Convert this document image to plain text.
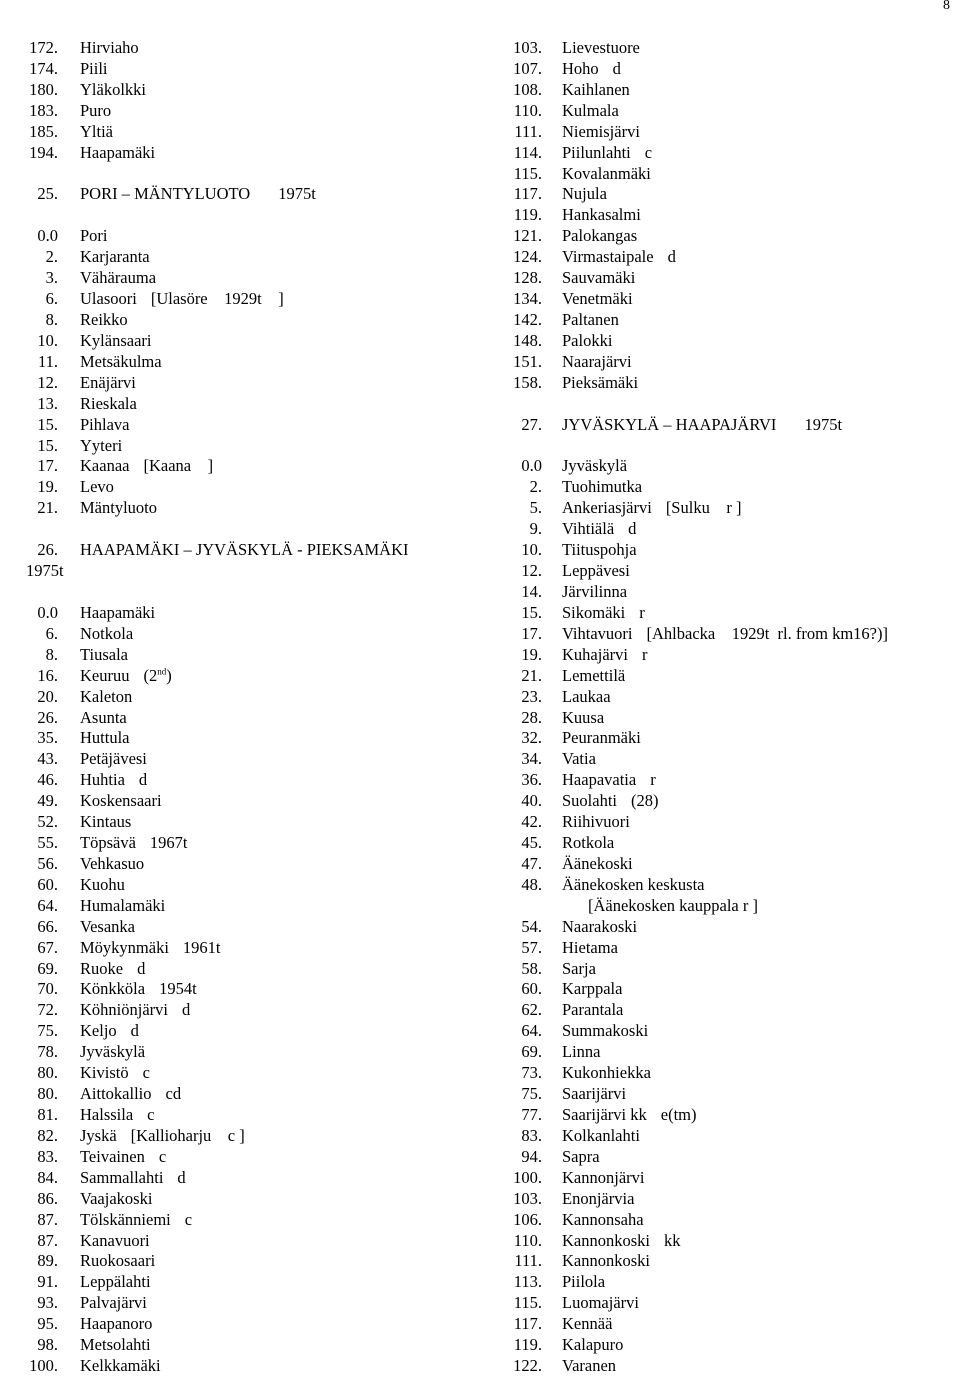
8
172. Hirviaho
174. Piili
180. Yläkolkki
183. Puro
185. Yltiä
194. Haapamäki
25. PORI – MÄNTYLUOTO 1975t
0.0 Pori
2. Karjaranta
3. Vähärauma
6. Ulasoori [Ulasöre    1929t    ]
8. Reikko
10. Kylänsaari
11. Metsäkulma
12. Enäjärvi
13. Rieskala
15. Pihlava
15. Yyteri
17. Kaanaa [Kaana    ]
19. Levo
21. Mäntyluoto
26. HAAPAMÄKI – JYVÄSKYLÄ - PIEKSAMÄKI
1975t
0.0 Haapamäki
6. Notkola
8. Tiusala
16. Keuruu (2nd)
20. Kaleton
26. Asunta
35. Huttula
43. Petäjävesi
46. Huhtia d
49. Koskensaari
52. Kintaus
55. Töpsävä 1967t
56. Vehkasuo
60. Kuohu
64. Humalamäki
66. Vesanka
67. Möykynmäki 1961t
69. Ruoke d
70. Könkköla 1954t
72. Köhniönjärvi d
75. Keljo d
78. Jyväskylä
80. Kivistö c
80. Aittokallio cd
81. Halssila c
82. Jyskä [Kallioharju    c ]
83. Teivainen c
84. Sammallahti d
86. Vaajakoski
87. Tölskänniemi c
87. Kanavuori
89. Ruokosaari
91. Leppälahti
93. Palvajärvi
95. Haapanoro
98. Metsolahti
100. Kelkkamäki
103. Lievestuore
107. Hoho d
108. Kaihlanen
110. Kulmala
111. Niemisjärvi
114. Piilunlahti c
115. Kovalanmäki
117. Nujula
119. Hankasalmi
121. Palokangas
124. Virmastaipale d
128. Sauvamäki
134. Venetmäki
142. Paltanen
148. Palokki
151. Naarajärvi
158. Pieksämäki
27. JYVÄSKYLÄ – HAAPAJÄRVI 1975t
0.0 Jyväskylä
2. Tuohimutka
5. Ankeriasjärvi [Sulku    r ]
9. Vihtiälä d
10. Tiituspohja
12. Leppävesi
14. Järvilinna
15. Sikomäki r
17. Vihtavuori [Ahlbacka    1929t  rl. from km16?)]
19. Kuhajärvi r
21. Lemettilä
23. Laukaa
28. Kuusa
32. Peuranmäki
34. Vatia
36. Haapavatia r
40. Suolahti (28)
42. Riihivuori
45. Rotkola
47. Äänekoski
48. Äänekosken keskusta
[Äänekosken kauppala r ]
54. Naarakoski
57. Hietama
58. Sarja
60. Karppala
62. Parantala
64. Summakoski
69. Linna
73. Kukonhiekka
75. Saarijärvi
77. Saarijärvi kk e(tm)
83. Kolkanlahti
94. Sapra
100. Kannonjärvi
103. Enonjärvia
106. Kannonsaha
110. Kannonkoski kk
111. Kannonkoski
113. Piilola
115. Luomajärvi
117. Kennää
119. Kalapuro
122. Varanen
